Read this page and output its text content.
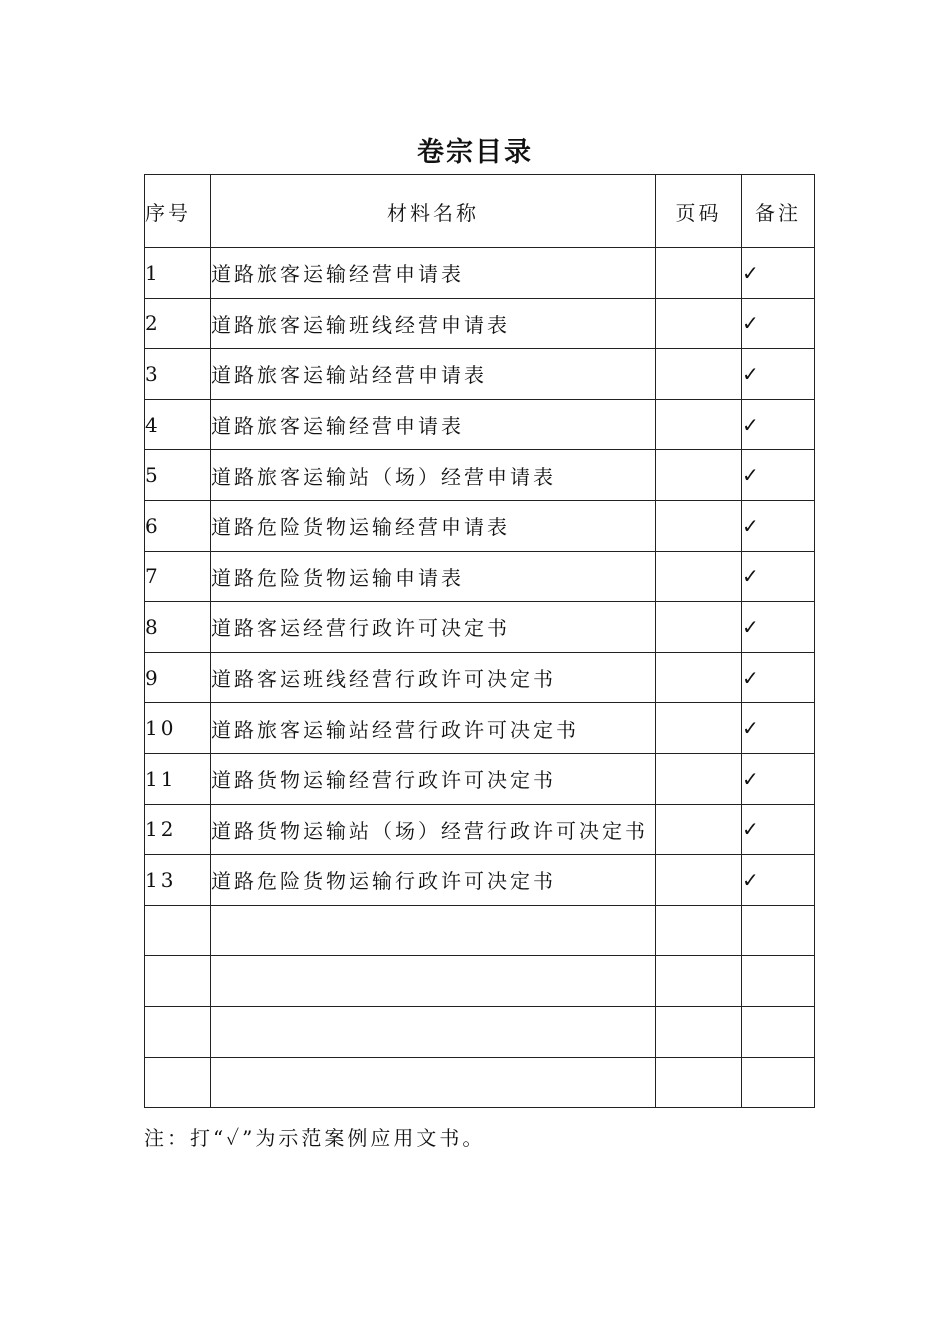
卷宗目录
序号	材料名称	页码	备注
1	道路旅客运输经营申请表		✓
2	道路旅客运输班线经营申请表		✓
3	道路旅客运输站经营申请表		✓
4	道路旅客运输经营申请表		✓
5	道路旅客运输站（场）经营申请表		✓
6	道路危险货物运输经营申请表		✓
7	道路危险货物运输申请表		✓
8	道路客运经营行政许可决定书		✓
9	道路客运班线经营行政许可决定书		✓
10	道路旅客运输站经营行政许可决定书		✓
11	道路货物运输经营行政许可决定书		✓
12	道路货物运输站（场）经营行政许可决定书		✓
13	道路危险货物运输行政许可决定书		✓

注：打“✓”为示范案例应用文书。
